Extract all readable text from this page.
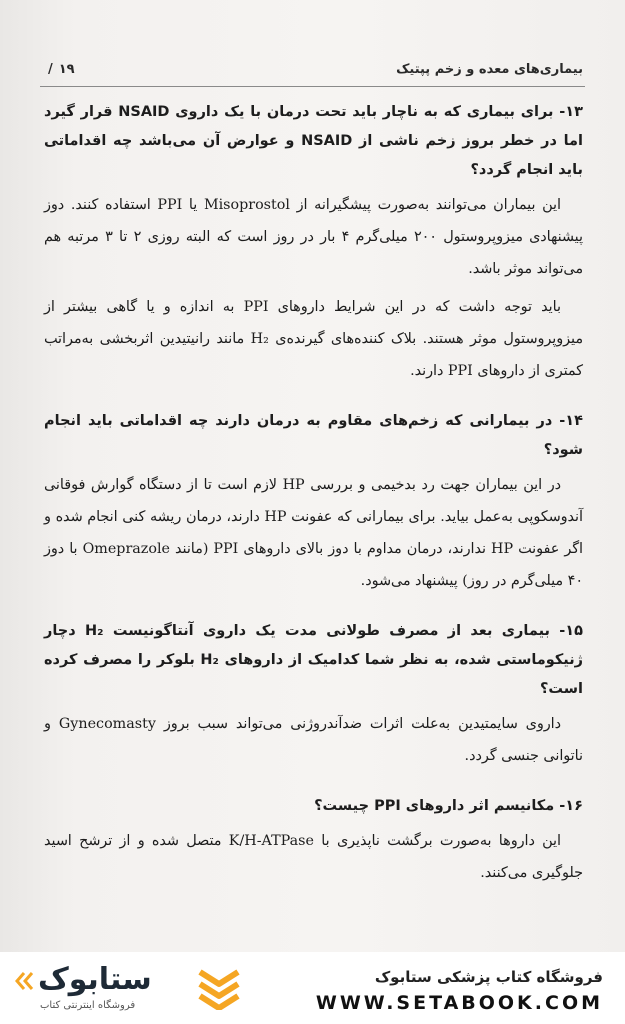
بیماری‌های معده و زخم پپتیک
۱۹/
۱۳- برای بیماری که به ناچار باید تحت درمان با یک داروی NSAID قرار گیرد اما در خطر بروز زخم ناشی از NSAID و عوارض آن می‌باشد چه اقداماتی باید انجام گردد؟
این بیماران می‌توانند به‌صورت پیشگیرانه از Misoprostol یا PPI استفاده کنند. دوز پیشنهادی میزوپروستول ۲۰۰ میلی‌گرم ۴ بار در روز است که البته روزی ۲ تا ۳ مرتبه هم می‌تواند موثر باشد.
باید توجه داشت که در این شرایط داروهای PPI به اندازه و یا گاهی بیشتر از میزوپروستول موثر هستند. بلاک کننده‌های گیرنده‌ی H₂ مانند رانیتیدین اثربخشی به‌مراتب کمتری از داروهای PPI دارند.
۱۴- در بیمارانی که زخم‌های مقاوم به درمان دارند چه اقداماتی باید انجام شود؟
در این بیماران جهت رد بدخیمی و بررسی HP لازم است تا از دستگاه گوارش فوقانی آندوسکوپی به‌عمل بیاید. برای بیمارانی که عفونت HP دارند، درمان ریشه کنی انجام شده و اگر عفونت HP ندارند، درمان مداوم با دوز بالای داروهای PPI (مانند Omeprazole با دوز ۴۰ میلی‌گرم در روز) پیشنهاد می‌شود.
۱۵- بیماری بعد از مصرف طولانی مدت یک داروی آنتاگونیست H₂ دچار ژنیکوماستی شده، به نظر شما کدامیک از داروهای H₂ بلوکر را مصرف کرده است؟
داروی سایمتیدین به‌علت اثرات ضدآندروژنی می‌تواند سبب بروز Gynecomasty و ناتوانی جنسی گردد.
۱۶- مکانیسم اثر داروهای PPI چیست؟
این داروها به‌صورت برگشت ناپذیری با K/H-ATPase متصل شده و از ترشح اسید جلوگیری می‌کنند.
فروشگاه کتاب پزشکی ستابوک
WWW.SETABOOK.COM
ستابوک
فروشگاه اینترنتی کتاب
